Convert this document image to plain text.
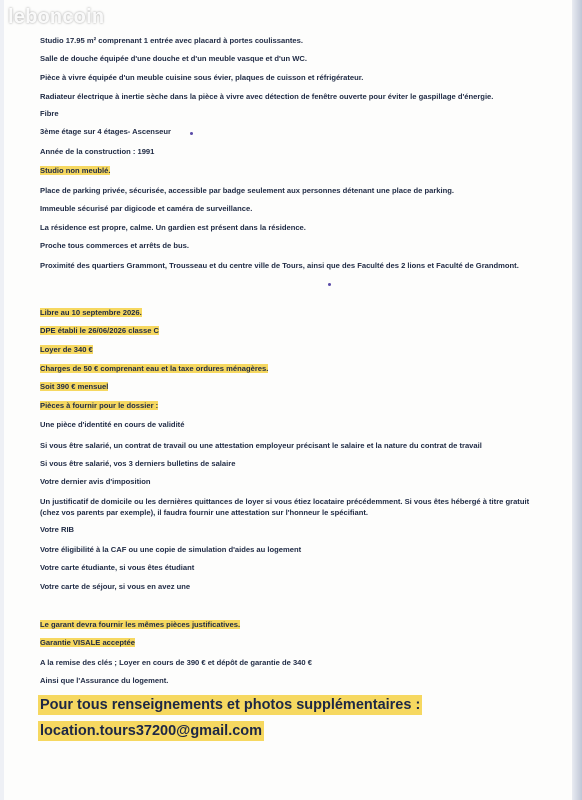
leboncoin

Studio 17.95 m² comprenant 1 entrée avec placard à portes coulissantes.

Salle de douche équipée d'une douche et d'un meuble vasque et d'un WC.

Pièce à vivre équipée d'un meuble cuisine sous évier, plaques de cuisson et réfrigérateur.

Radiateur électrique à inertie sèche dans la pièce à vivre avec détection de fenêtre ouverte pour éviter le gaspillage d'énergie.

Fibre

3ème étage sur 4 étages- Ascenseur

Année de la construction : 1991

Studio non meublé.

Place de parking privée, sécurisée, accessible par badge seulement aux personnes détenant une place de parking.

Immeuble sécurisé par digicode et caméra de surveillance.

La résidence est propre, calme. Un gardien est présent dans la résidence.

Proche tous commerces et arrêts de bus.

Proximité des quartiers Grammont, Trousseau et du centre ville de Tours, ainsi que des Faculté des 2 lions et Faculté de Grandmont.

Libre au 10 septembre 2026.

DPE établi le 26/06/2026 classe C

Loyer de 340 €

Charges de 50 € comprenant eau et la taxe ordures ménagères.

Soit 390 € mensuel

Pièces à fournir pour le dossier :

Une pièce d'identité en cours de validité

Si vous être salarié, un contrat de travail ou une attestation employeur précisant le salaire et la nature du contrat de travail

Si vous être salarié, vos 3 derniers bulletins de salaire

Votre dernier avis d'imposition

Un justificatif de domicile ou les dernières quittances de loyer si vous étiez locataire précédemment. Si vous êtes hébergé à titre gratuit (chez vos parents par exemple), il faudra fournir une attestation sur l'honneur le spécifiant.

Votre RIB

Votre éligibilité à la CAF ou une copie de simulation d'aides au logement

Votre carte étudiante, si vous êtes étudiant

Votre carte de séjour, si vous en avez une

Le garant devra fournir les mêmes pièces justificatives.

Garantie VISALE acceptée

A la remise des clés ; Loyer en cours de 390 € et dépôt de garantie de 340 €

Ainsi que l'Assurance du logement.

Pour tous renseignements et photos supplémentaires :
location.tours37200@gmail.com
